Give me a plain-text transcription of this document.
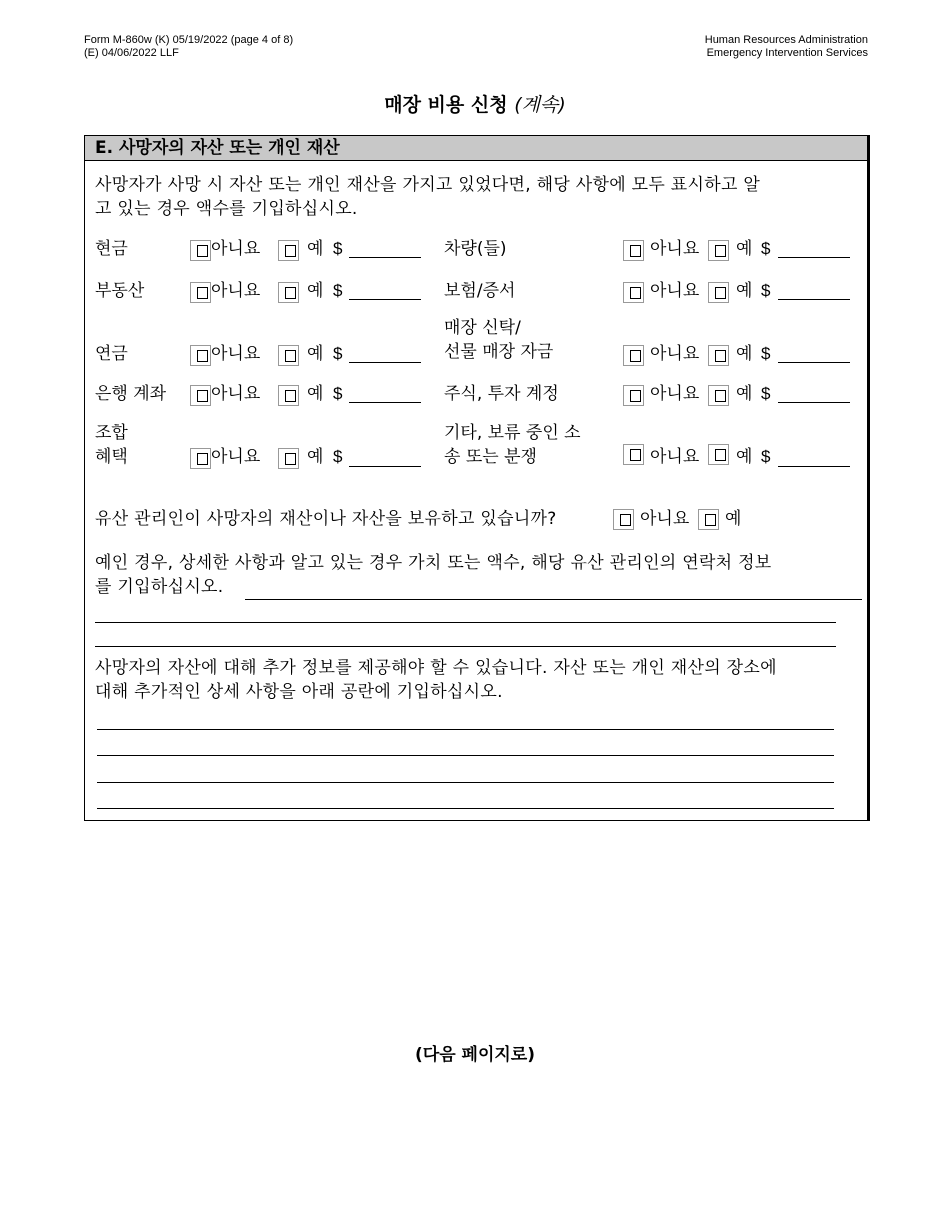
Form M-860w (K) 05/19/2022 (page 4 of 8)
(E) 04/06/2022 LLF
Human Resources Administration
Emergency Intervention Services
매장 비용 신청 (계속)
E. 사망자의 자산 또는 개인 재산
사망자가 사망 시 자산 또는 개인 재산을 가지고 있었다면, 해당 사항에 모두 표시하고 알
고 있는 경우 액수를 기입하십시오.
현금	아니요	예 $
부동산	아니요	예 $
연금	아니요	예 $
은행 계좌	아니요	예 $
조합
혜택	아니요	예 $
차량(들)	아니요 예 $
보험/증서	아니요 예 $
매장 신탁/
선물 매장 자금	아니요 예 $
주식, 투자 계정	아니요 예 $
기타, 보류 중인 소
송 또는 분쟁	아니요 예 $
유산 관리인이 사망자의 재산이나 자산을 보유하고 있습니까?	아니요 예
예인 경우, 상세한 사항과 알고 있는 경우 가치 또는 액수, 해당 유산 관리인의 연락처 정보
를 기입하십시오.
사망자의 자산에 대해 추가 정보를 제공해야 할 수 있습니다. 자산 또는 개인 재산의 장소에
대해 추가적인 상세 사항을 아래 공란에 기입하십시오.
(다음 페이지로)
